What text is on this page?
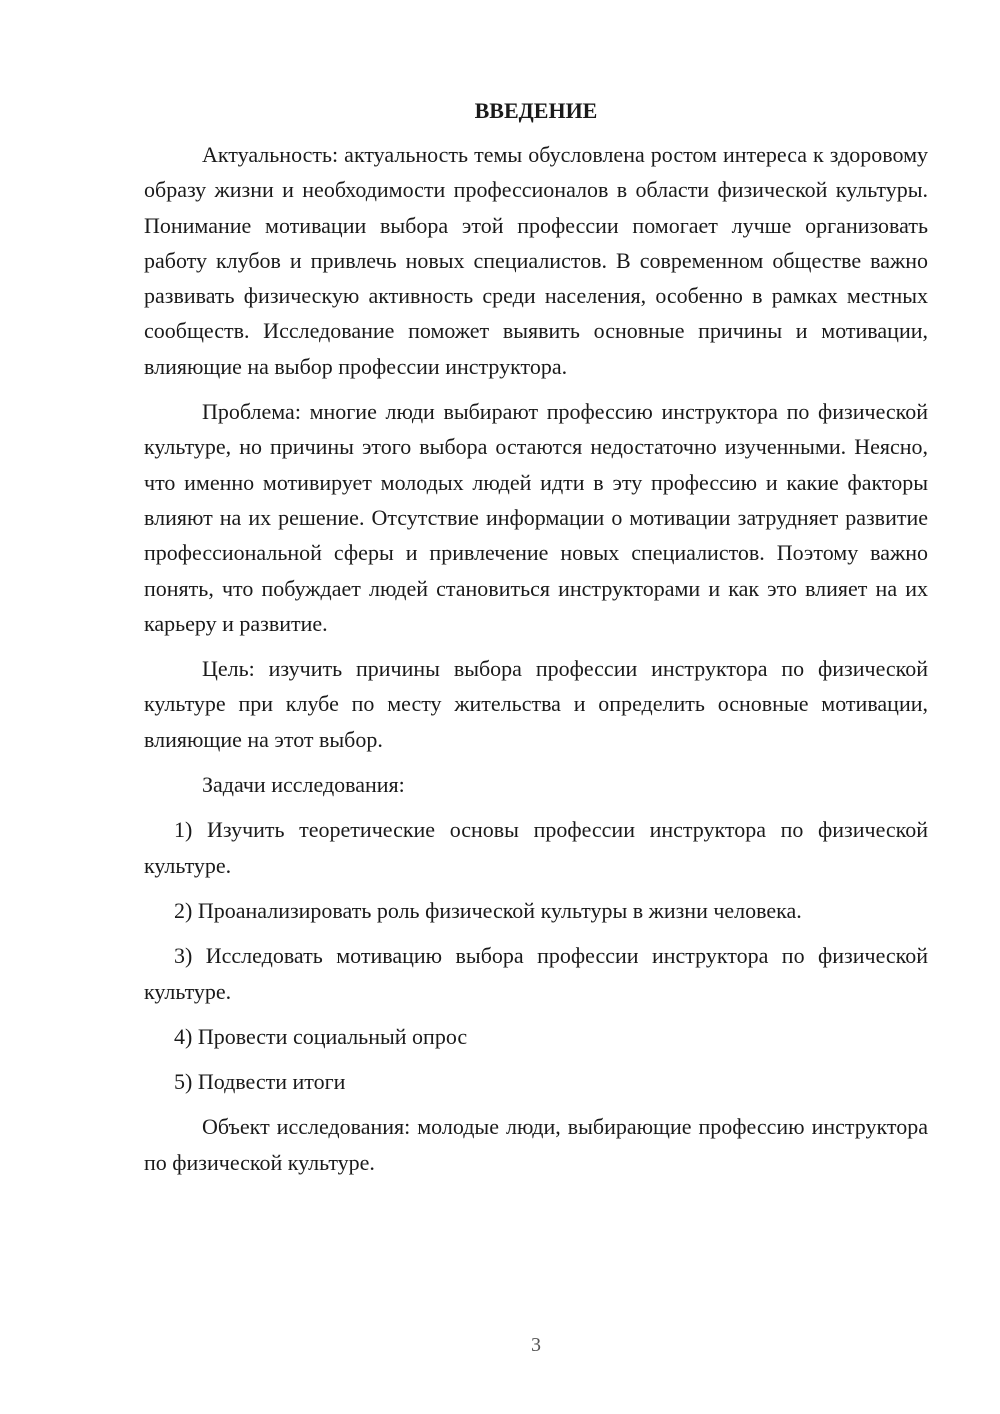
ВВЕДЕНИЕ

Актуальность: актуальность темы обусловлена ростом интереса к здоровому образу жизни и необходимости профессионалов в области физической культуры. Понимание мотивации выбора этой профессии помогает лучше организовать работу клубов и привлечь новых специалистов. В современном обществе важно развивать физическую активность среди населения, особенно в рамках местных сообществ. Исследование поможет выявить основные причины и мотивации, влияющие на выбор профессии инструктора.

Проблема: многие люди выбирают профессию инструктора по физической культуре, но причины этого выбора остаются недостаточно изученными. Неясно, что именно мотивирует молодых людей идти в эту профессию и какие факторы влияют на их решение. Отсутствие информации о мотивации затрудняет развитие профессиональной сферы и привлечение новых специалистов. Поэтому важно понять, что побуждает людей становиться инструкторами и как это влияет на их карьеру и развитие.

Цель: изучить причины выбора профессии инструктора по физической культуре при клубе по месту жительства и определить основные мотивации, влияющие на этот выбор.

Задачи исследования:

1) Изучить теоретические основы профессии инструктора по физической культуре.

2) Проанализировать роль физической культуры в жизни человека.

3) Исследовать мотивацию выбора профессии инструктора по физической культуре.

4) Провести социальный опрос

5) Подвести итоги

Объект исследования: молодые люди, выбирающие профессию инструктора по физической культуре.

3
